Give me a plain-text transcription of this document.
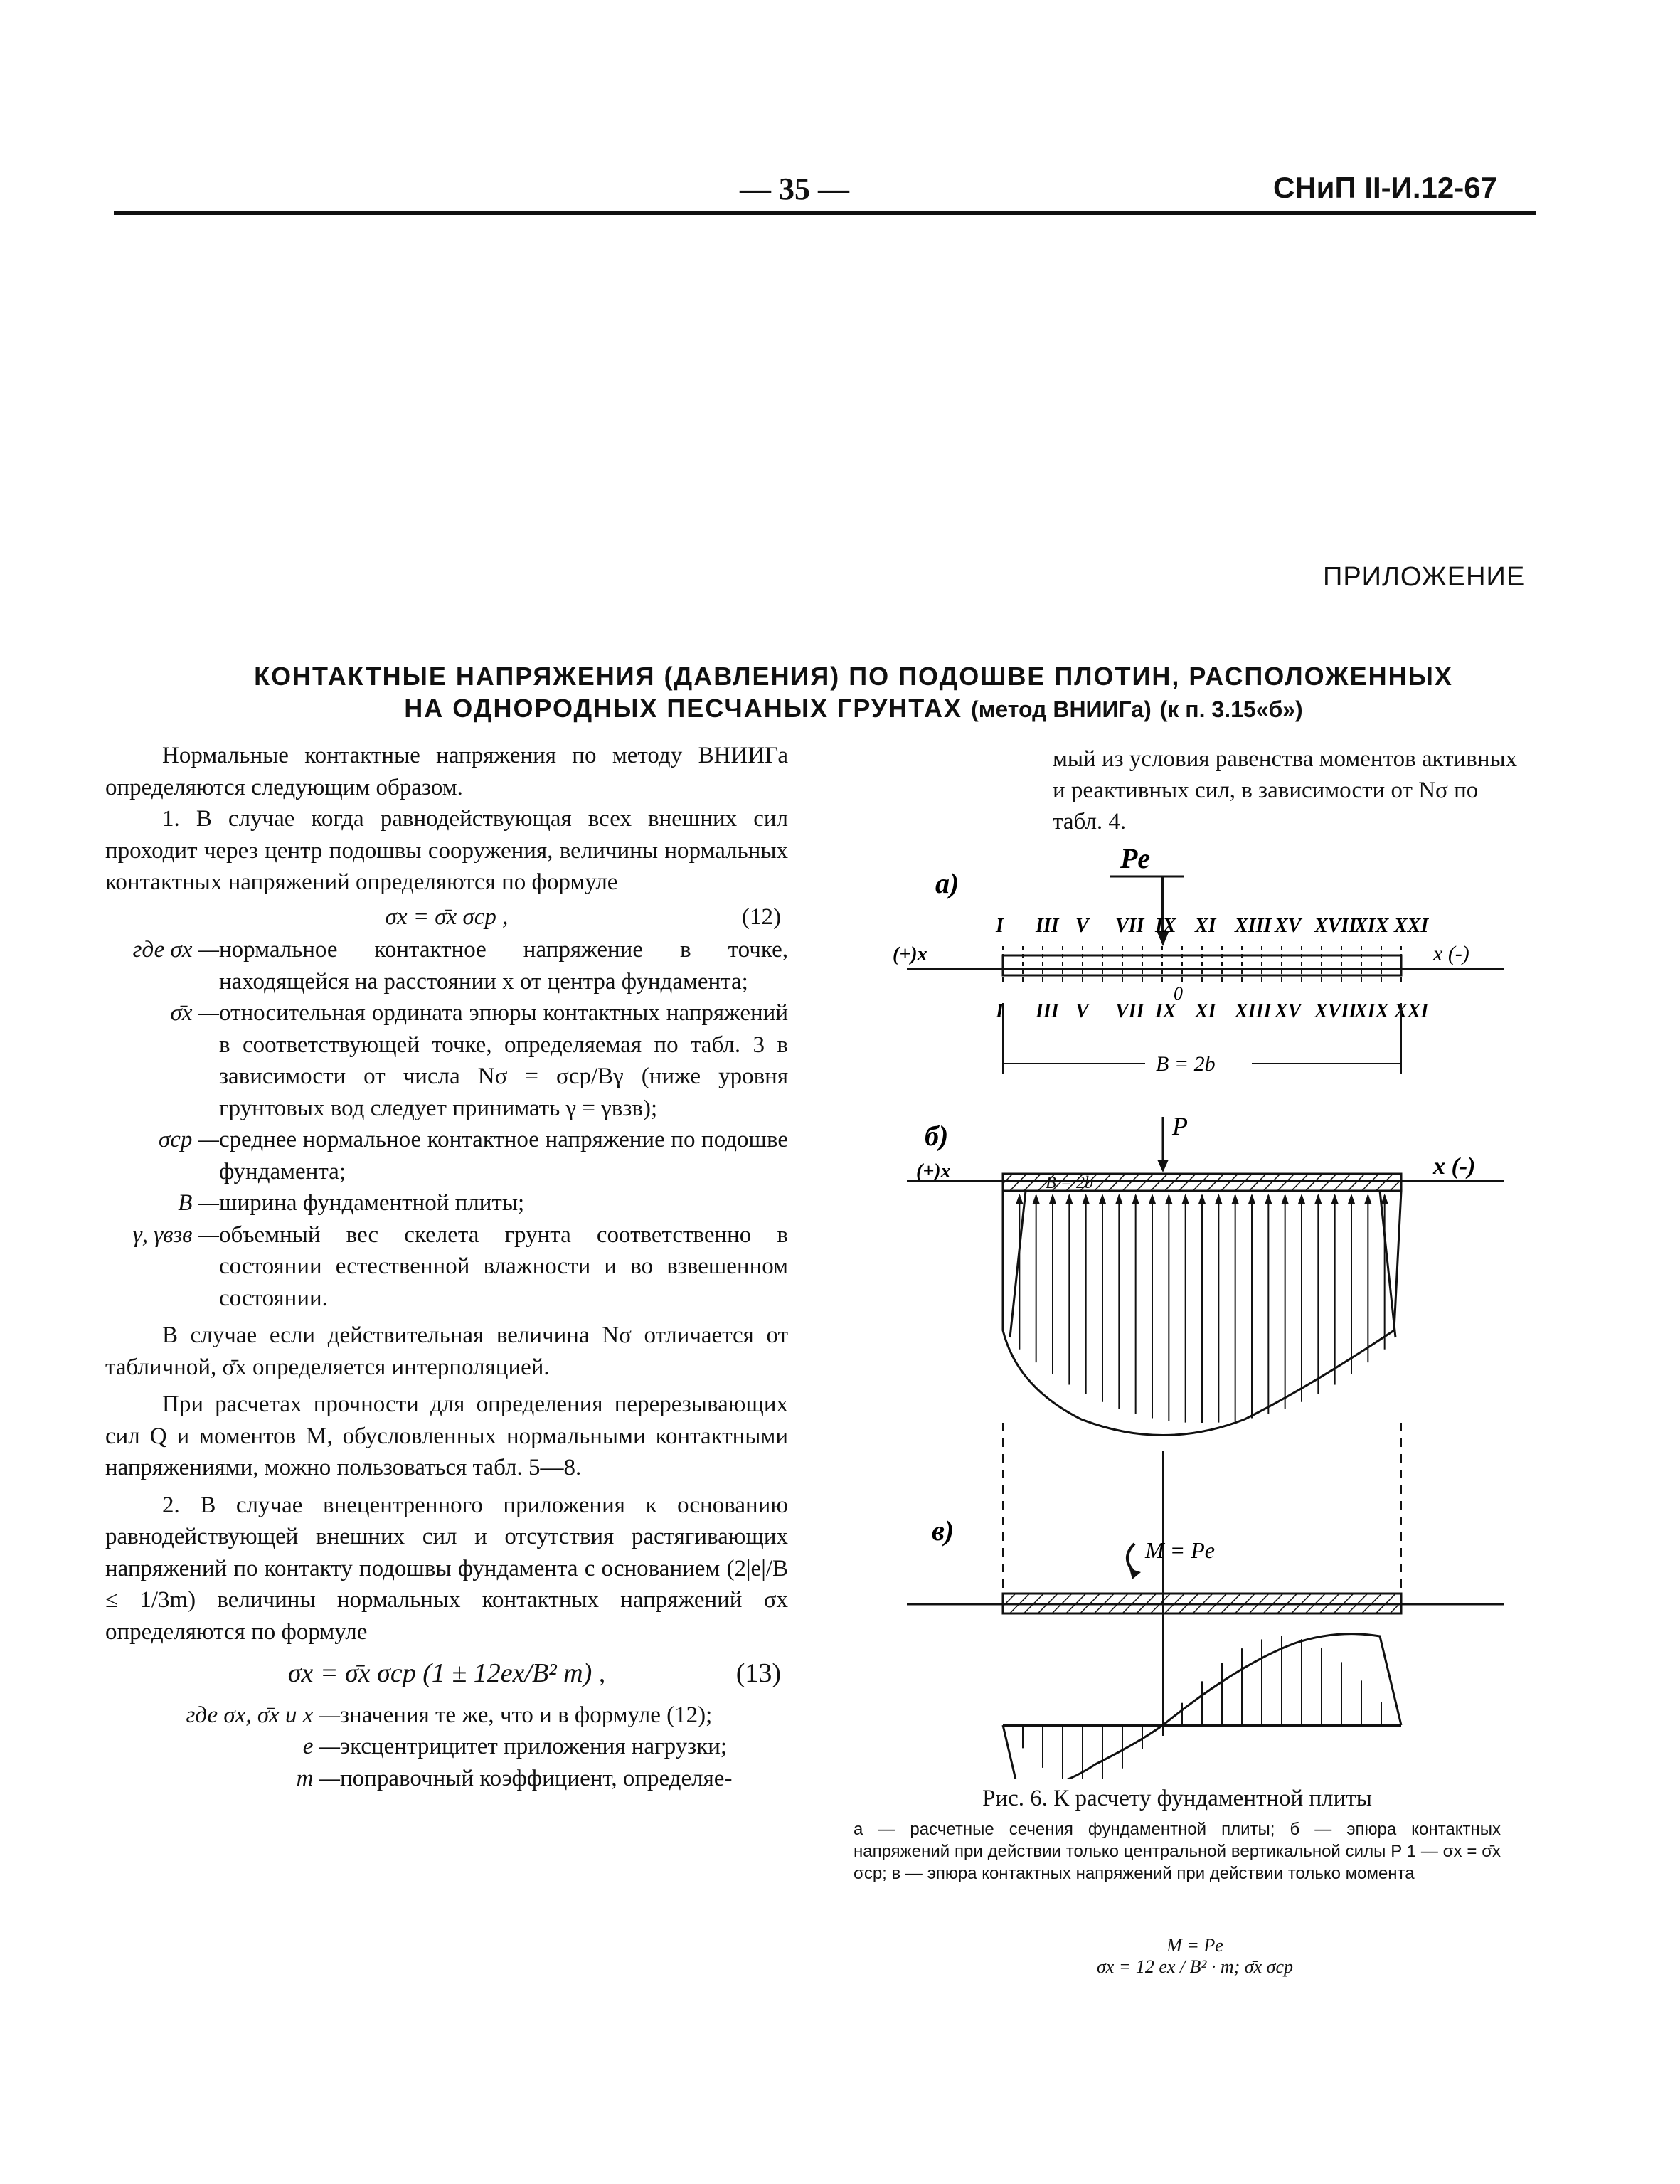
— 35 —	СНиП II-И.12-67
ПРИЛОЖЕНИЕ
КОНТАКТНЫЕ НАПРЯЖЕНИЯ (ДАВЛЕНИЯ) ПО ПОДОШВЕ ПЛОТИН, РАСПОЛОЖЕННЫХ
НА ОДНОРОДНЫХ ПЕСЧАНЫХ ГРУНТАХ (метод ВНИИГа) (к п. 3.15«б»)

Нормальные контактные напряжения по методу ВНИИГа определяются следующим образом.

1. В случае когда равнодействующая всех внешних сил проходит через центр подошвы сооружения, величины нормальных контактных напряжений определяются по формуле

σx = σ̄x σcp ,	(12)
где σx — нормальное контактное напряжение в точке, находящейся на расстоянии x от центра фундамента;
σ̄x — относительная ордината эпюры контактных напряжений в соответствующей точке, определяемая по табл. 3 в зависимости от числа Nσ = σcp/Bγ (ниже уровня грунтовых вод следует принимать γ = γвзв);
σcp — среднее нормальное контактное напряжение по подошве фундамента;
B — ширина фундаментной плиты;
γ, γвзв — объемный вес скелета грунта соответственно в состоянии естественной влажности и во взвешенном состоянии.

В случае если действительная величина Nσ отличается от табличной, σ̄x определяется интерполяцией.

При расчетах прочности для определения перерезывающих сил Q и моментов M, обусловленных нормальными контактными напряжениями, можно пользоваться табл. 5—8.

2. В случае внецентренного приложения к основанию равнодействующей внешних сил и отсутствия растягивающих напряжений по контакту подошвы фундамента с основанием (2|e|/B ≤ 1/3m) величины нормальных контактных напряжений σx определяются по формуле

σx = σ̄x σcp (1 ± 12ex/B² m) ,	(13)
где σx, σ̄x и x — значения те же, что и в формуле (12);
e — эксцентрицитет приложения нагрузки;
m — поправочный коэффициент, определяе-
мый из условия равенства моментов активных и реактивных сил, в зависимости от Nσ по табл. 4.
а)
Pe
I III V VII IX XI XIII XV XVII
XIX XXI
I III V VII IX XI XIII XV XVII
XIX XXI
(+)x	x (-)
0
B = 2b
б)	P
(+)x	x (-)
B = 2b
в)
M = Pe
Рис. 6. К расчету фундаментной плиты
а — расчетные сечения фундаментной плиты; б — эпюра контактных напряжений при действии только центральной вертикальной силы P 1 — σx = σ̄x σcp; в — эпюра контактных напряжений при действии только момента
M = Pe
σx = 12 ex / B² · m; σ̄x σcp
